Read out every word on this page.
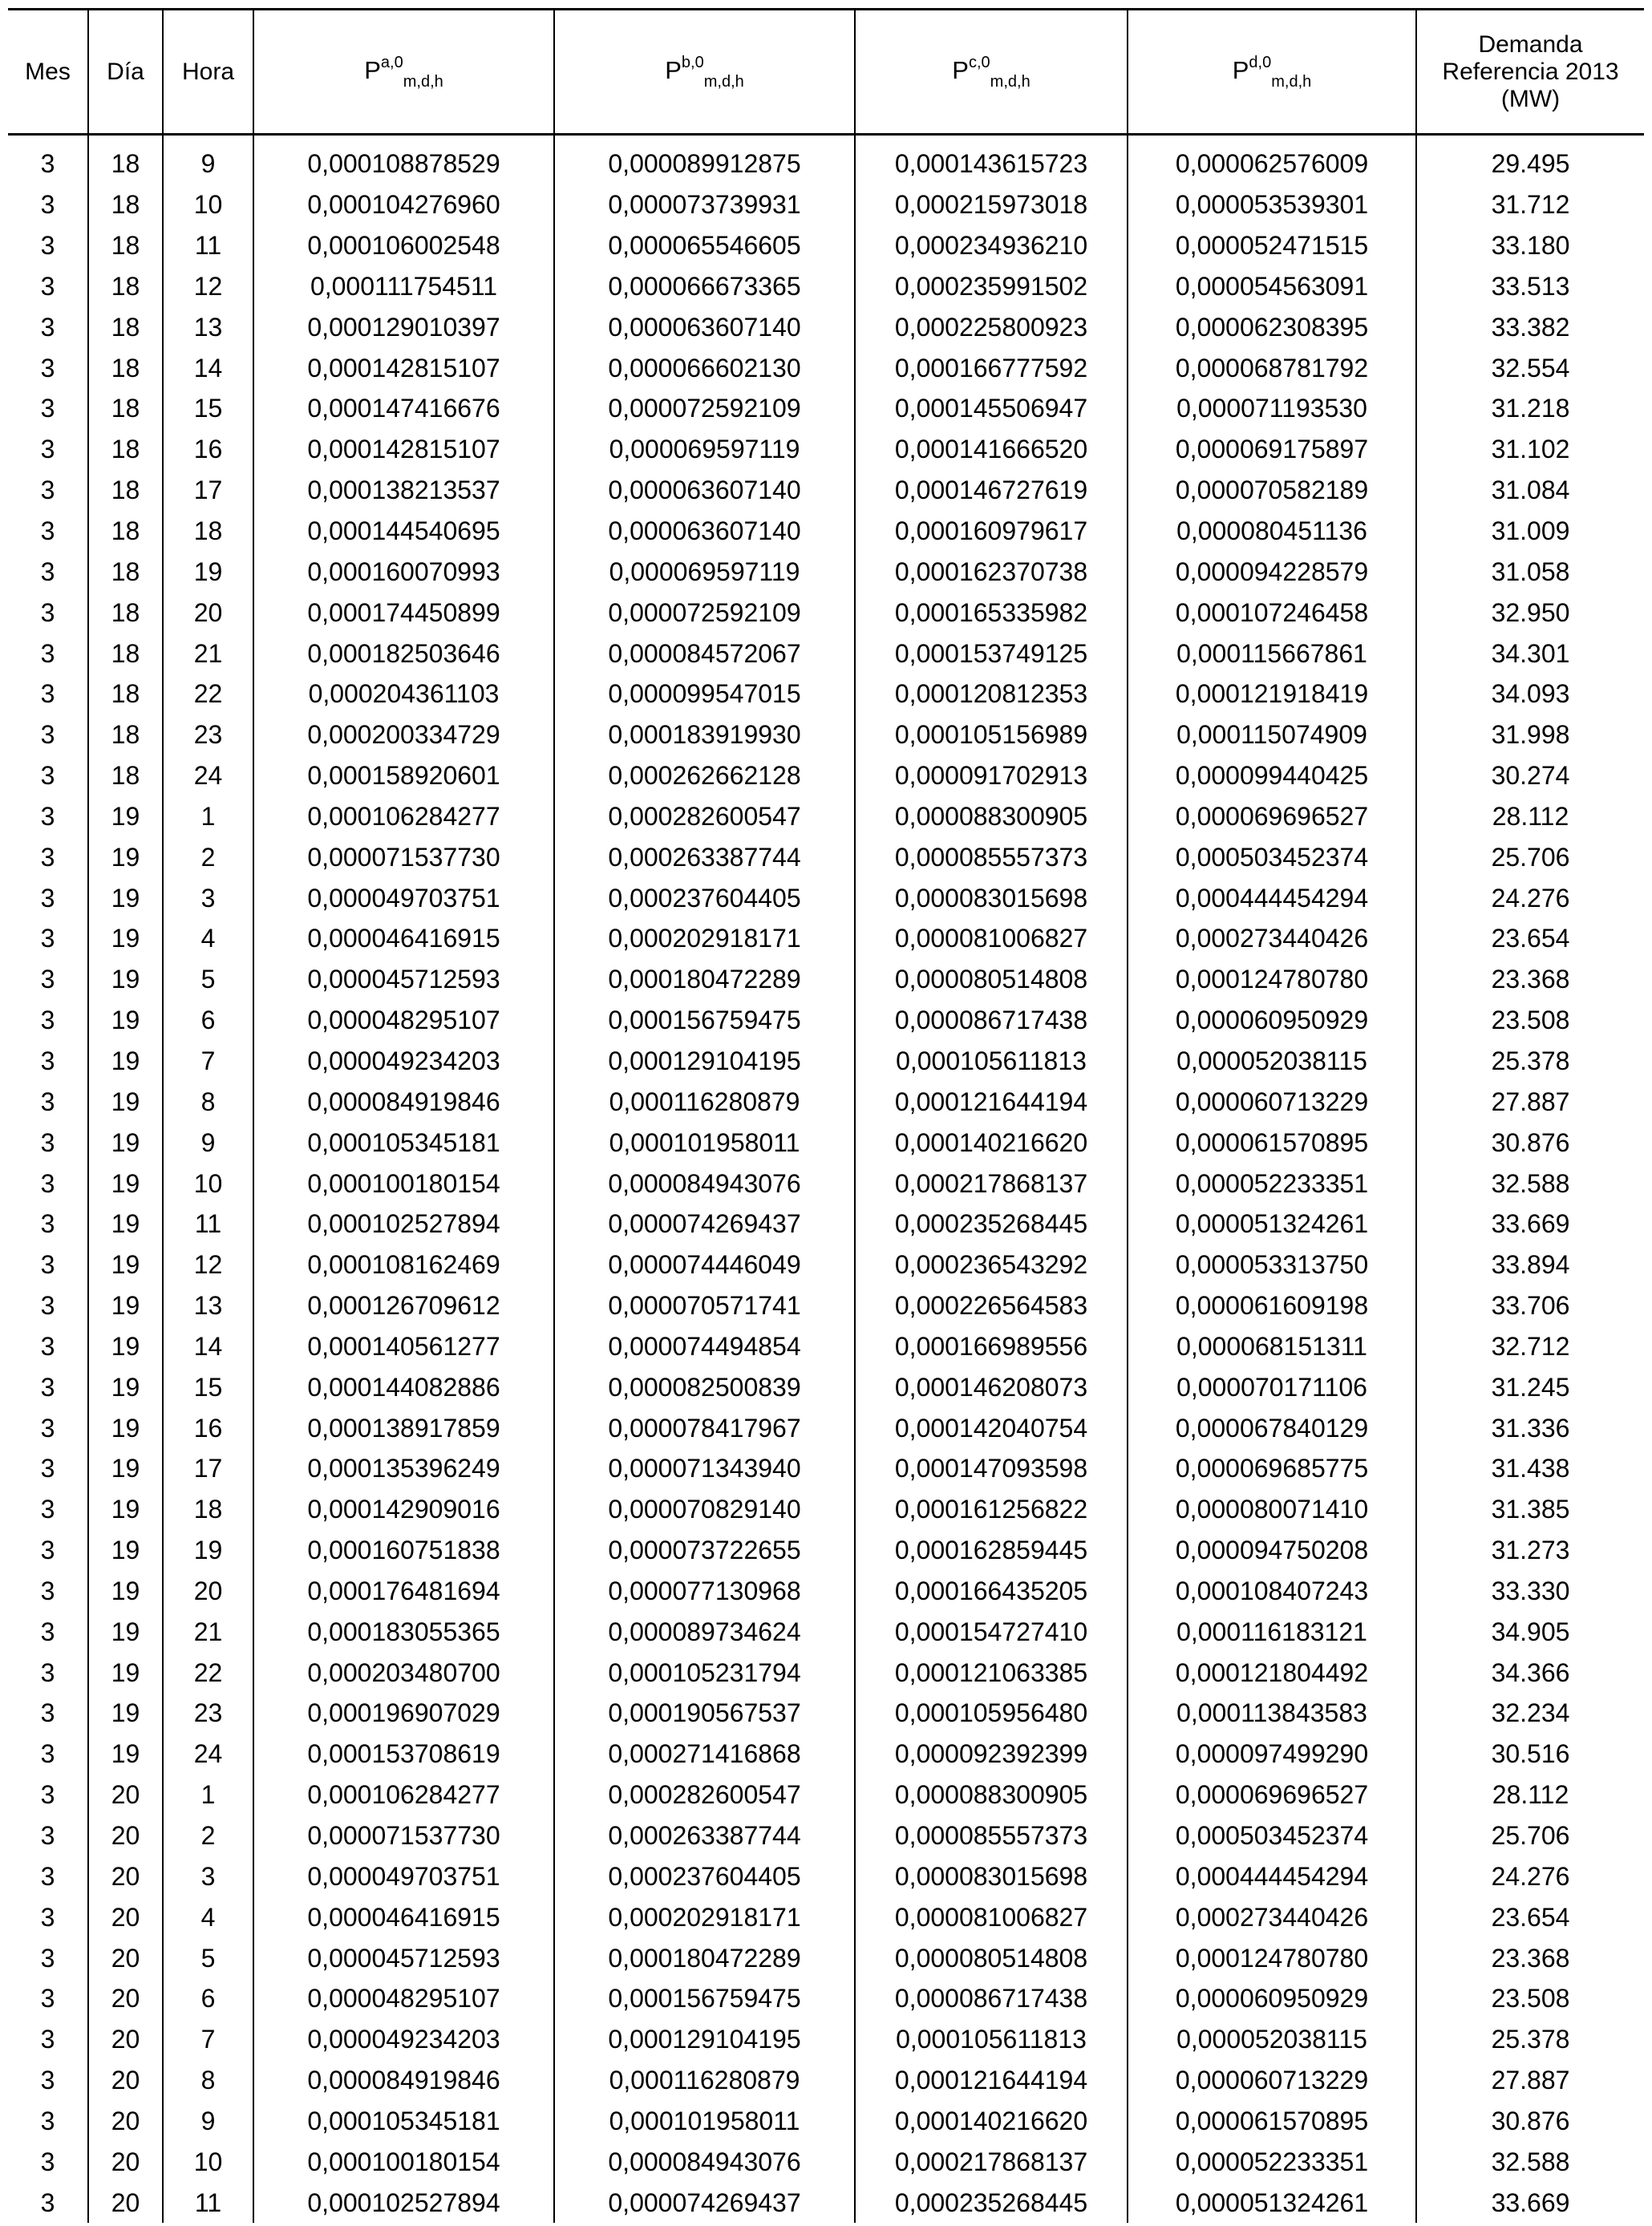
Mes	Día	Hora	P$^{a,0}_{m,d,h}$	P$^{b,0}_{m,d,h}$	P$^{c,0}_{m,d,h}$	P$^{d,0}_{m,d,h}$	Demanda
Referencia 2013
(MW)
3	18	9	0,000108878529	0,000089912875	0,000143615723	0,000062576009	29.495
3	18	10	0,000104276960	0,000073739931	0,000215973018	0,000053539301	31.712
3	18	11	0,000106002548	0,000065546605	0,000234936210	0,000052471515	33.180
3	18	12	0,000111754511	0,000066673365	0,000235991502	0,000054563091	33.513
3	18	13	0,000129010397	0,000063607140	0,000225800923	0,000062308395	33.382
3	18	14	0,000142815107	0,000066602130	0,000166777592	0,000068781792	32.554
3	18	15	0,000147416676	0,000072592109	0,000145506947	0,000071193530	31.218
3	18	16	0,000142815107	0,000069597119	0,000141666520	0,000069175897	31.102
3	18	17	0,000138213537	0,000063607140	0,000146727619	0,000070582189	31.084
3	18	18	0,000144540695	0,000063607140	0,000160979617	0,000080451136	31.009
3	18	19	0,000160070993	0,000069597119	0,000162370738	0,000094228579	31.058
3	18	20	0,000174450899	0,000072592109	0,000165335982	0,000107246458	32.950
3	18	21	0,000182503646	0,000084572067	0,000153749125	0,000115667861	34.301
3	18	22	0,000204361103	0,000099547015	0,000120812353	0,000121918419	34.093
3	18	23	0,000200334729	0,000183919930	0,000105156989	0,000115074909	31.998
3	18	24	0,000158920601	0,000262662128	0,000091702913	0,000099440425	30.274
3	19	1	0,000106284277	0,000282600547	0,000088300905	0,000069696527	28.112
3	19	2	0,000071537730	0,000263387744	0,000085557373	0,000503452374	25.706
3	19	3	0,000049703751	0,000237604405	0,000083015698	0,000444454294	24.276
3	19	4	0,000046416915	0,000202918171	0,000081006827	0,000273440426	23.654
3	19	5	0,000045712593	0,000180472289	0,000080514808	0,000124780780	23.368
3	19	6	0,000048295107	0,000156759475	0,000086717438	0,000060950929	23.508
3	19	7	0,000049234203	0,000129104195	0,000105611813	0,000052038115	25.378
3	19	8	0,000084919846	0,000116280879	0,000121644194	0,000060713229	27.887
3	19	9	0,000105345181	0,000101958011	0,000140216620	0,000061570895	30.876
3	19	10	0,000100180154	0,000084943076	0,000217868137	0,000052233351	32.588
3	19	11	0,000102527894	0,000074269437	0,000235268445	0,000051324261	33.669
3	19	12	0,000108162469	0,000074446049	0,000236543292	0,000053313750	33.894
3	19	13	0,000126709612	0,000070571741	0,000226564583	0,000061609198	33.706
3	19	14	0,000140561277	0,000074494854	0,000166989556	0,000068151311	32.712
3	19	15	0,000144082886	0,000082500839	0,000146208073	0,000070171106	31.245
3	19	16	0,000138917859	0,000078417967	0,000142040754	0,000067840129	31.336
3	19	17	0,000135396249	0,000071343940	0,000147093598	0,000069685775	31.438
3	19	18	0,000142909016	0,000070829140	0,000161256822	0,000080071410	31.385
3	19	19	0,000160751838	0,000073722655	0,000162859445	0,000094750208	31.273
3	19	20	0,000176481694	0,000077130968	0,000166435205	0,000108407243	33.330
3	19	21	0,000183055365	0,000089734624	0,000154727410	0,000116183121	34.905
3	19	22	0,000203480700	0,000105231794	0,000121063385	0,000121804492	34.366
3	19	23	0,000196907029	0,000190567537	0,000105956480	0,000113843583	32.234
3	19	24	0,000153708619	0,000271416868	0,000092392399	0,000097499290	30.516
3	20	1	0,000106284277	0,000282600547	0,000088300905	0,000069696527	28.112
3	20	2	0,000071537730	0,000263387744	0,000085557373	0,000503452374	25.706
3	20	3	0,000049703751	0,000237604405	0,000083015698	0,000444454294	24.276
3	20	4	0,000046416915	0,000202918171	0,000081006827	0,000273440426	23.654
3	20	5	0,000045712593	0,000180472289	0,000080514808	0,000124780780	23.368
3	20	6	0,000048295107	0,000156759475	0,000086717438	0,000060950929	23.508
3	20	7	0,000049234203	0,000129104195	0,000105611813	0,000052038115	25.378
3	20	8	0,000084919846	0,000116280879	0,000121644194	0,000060713229	27.887
3	20	9	0,000105345181	0,000101958011	0,000140216620	0,000061570895	30.876
3	20	10	0,000100180154	0,000084943076	0,000217868137	0,000052233351	32.588
3	20	11	0,000102527894	0,000074269437	0,000235268445	0,000051324261	33.669
